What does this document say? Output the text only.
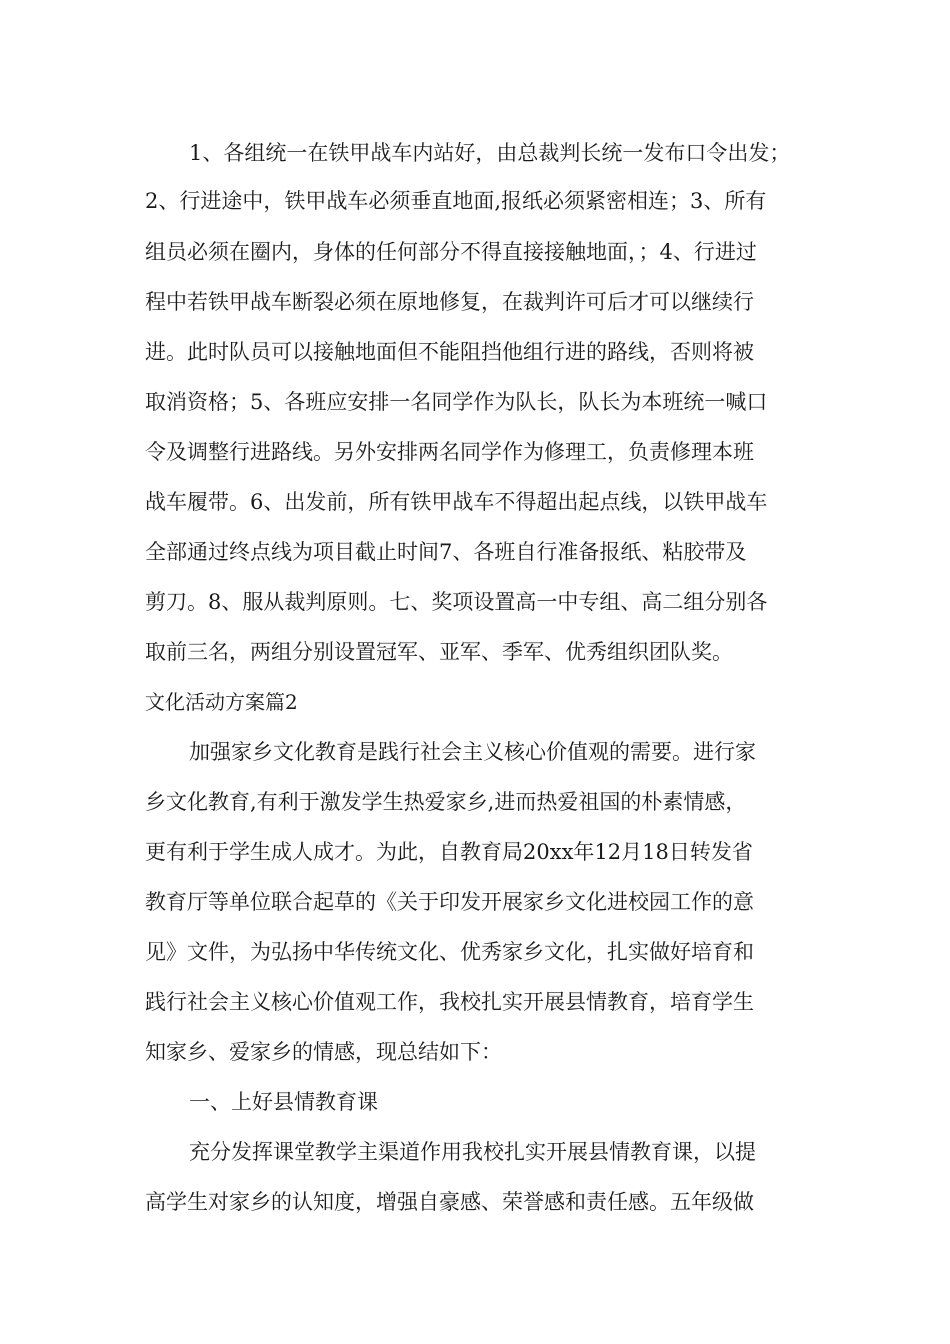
1、各组统一在铁甲战车内站好，由总裁判长统一发布口令出发；
2、行进途中，铁甲战车必须垂直地面,报纸必须紧密相连；3、所有
组员必须在圈内，身体的任何部分不得直接接触地面，；4、行进过
程中若铁甲战车断裂必须在原地修复，在裁判许可后才可以继续行
进。此时队员可以接触地面但不能阻挡他组行进的路线，否则将被
取消资格；5、各班应安排一名同学作为队长，队长为本班统一喊口
令及调整行进路线。另外安排两名同学作为修理工，负责修理本班
战车履带。6、出发前，所有铁甲战车不得超出起点线，以铁甲战车
全部通过终点线为项目截止时间7、各班自行准备报纸、粘胶带及
剪刀。8、服从裁判原则。七、奖项设置高一中专组、高二组分别各
取前三名，两组分别设置冠军、亚军、季军、优秀组织团队奖。
文化活动方案篇2
加强家乡文化教育是践行社会主义核心价值观的需要。进行家
乡文化教育,有利于激发学生热爱家乡,进而热爱祖国的朴素情感，
更有利于学生成人成才。为此，自教育局20xx年12月18日转发省
教育厅等单位联合起草的《关于印发开展家乡文化进校园工作的意
见》文件，为弘扬中华传统文化、优秀家乡文化，扎实做好培育和
践行社会主义核心价值观工作，我校扎实开展县情教育，培育学生
知家乡、爱家乡的情感，现总结如下：
一、上好县情教育课
充分发挥课堂教学主渠道作用我校扎实开展县情教育课，以提
高学生对家乡的认知度，增强自豪感、荣誉感和责任感。五年级做
